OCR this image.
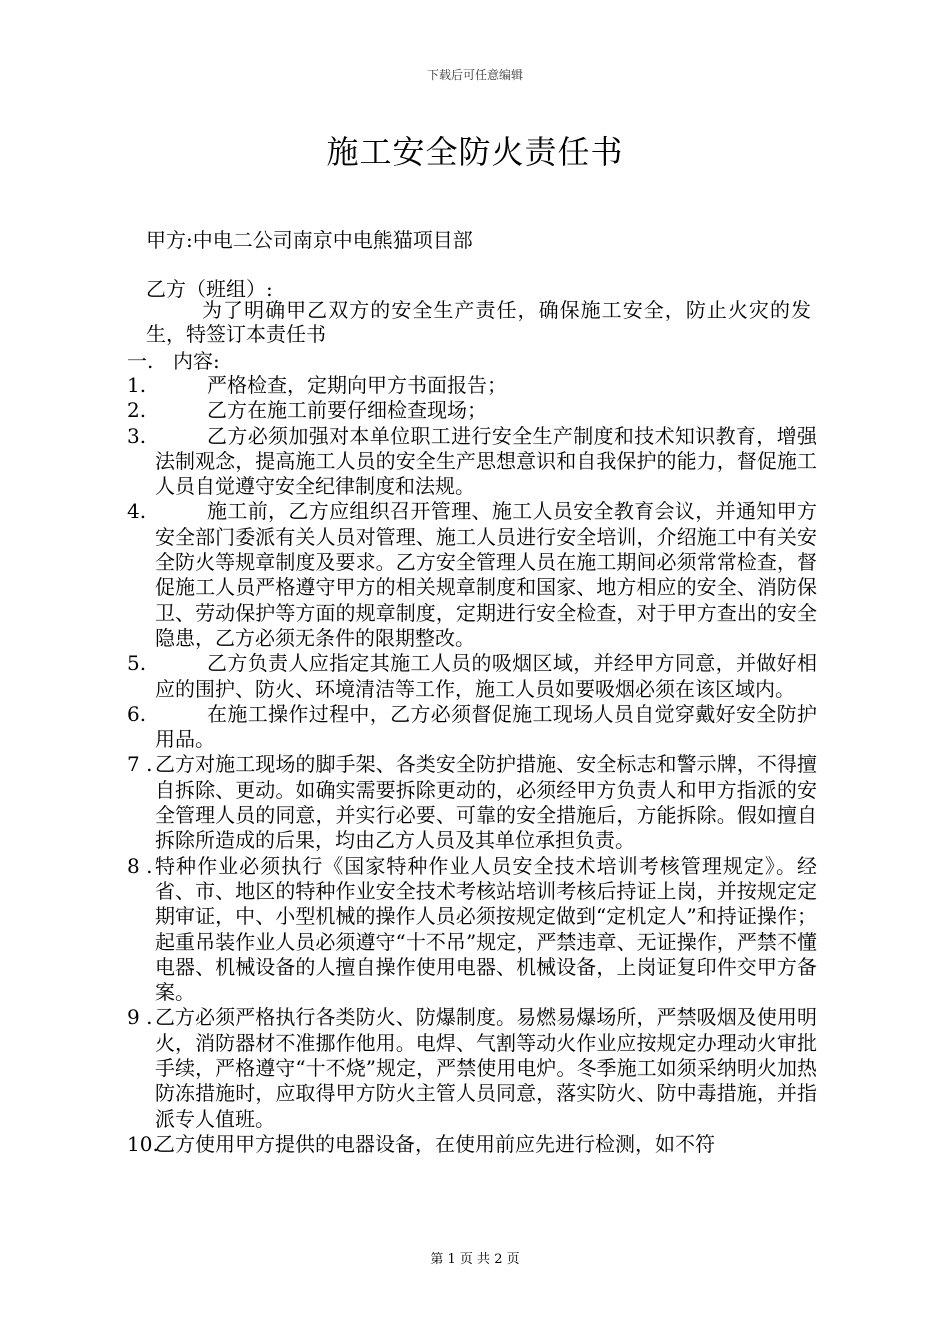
下载后可任意编辑
施工安全防火责任书
甲方:中电二公司南京中电熊猫项目部
乙方（班组）:
为了明确甲乙双方的安全生产责任，确保施工安全，防止火灾的发生，特签订本责任书
一. 内容:
1.	严格检查，定期向甲方书面报告；
2.	乙方在施工前要仔细检查现场；
3.	乙方必须加强对本单位职工进行安全生产制度和技术知识教育，增强法制观念，提高施工人员的安全生产思想意识和自我保护的能力，督促施工人员自觉遵守安全纪律制度和法规。
4.	施工前，乙方应组织召开管理、施工人员安全教育会议，并通知甲方安全部门委派有关人员对管理、施工人员进行安全培训，介绍施工中有关安全防火等规章制度及要求。乙方安全管理人员在施工期间必须常常检查，督促施工人员严格遵守甲方的相关规章制度和国家、地方相应的安全、消防保卫、劳动保护等方面的规章制度，定期进行安全检查，对于甲方查出的安全隐患，乙方必须无条件的限期整改。
5.	乙方负责人应指定其施工人员的吸烟区域，并经甲方同意，并做好相应的围护、防火、环境清洁等工作，施工人员如要吸烟必须在该区域内。
6.	在施工操作过程中，乙方必须督促施工现场人员自觉穿戴好安全防护用品。
7 . 乙方对施工现场的脚手架、各类安全防护措施、安全标志和警示牌，不得擅自拆除、更动。如确实需要拆除更动的，必须经甲方负责人和甲方指派的安全管理人员的同意，并实行必要、可靠的安全措施后，方能拆除。假如擅自拆除所造成的后果，均由乙方人员及其单位承担负责。
8 . 特种作业必须执行《国家特种作业人员安全技术培训考核管理规定》。经省、市、地区的特种作业安全技术考核站培训考核后持证上岗，并按规定定期审证，中、小型机械的操作人员必须按规定做到“定机定人”和持证操作；起重吊装作业人员必须遵守“十不吊”规定，严禁违章、无证操作，严禁不懂电器、机械设备的人擅自操作使用电器、机械设备，上岗证复印件交甲方备案。
9 . 乙方必须严格执行各类防火、防爆制度。易燃易爆场所，严禁吸烟及使用明火，消防器材不准挪作他用。电焊、气割等动火作业应按规定办理动火审批手续，严格遵守“十不烧”规定，严禁使用电炉。冬季施工如须采纳明火加热防冻措施时，应取得甲方防火主管人员同意，落实防火、防中毒措施，并指派专人值班。
10.
乙方使用甲方提供的电器设备，在使用前应先进行检测，如不符
第 1 页 共 2 页
